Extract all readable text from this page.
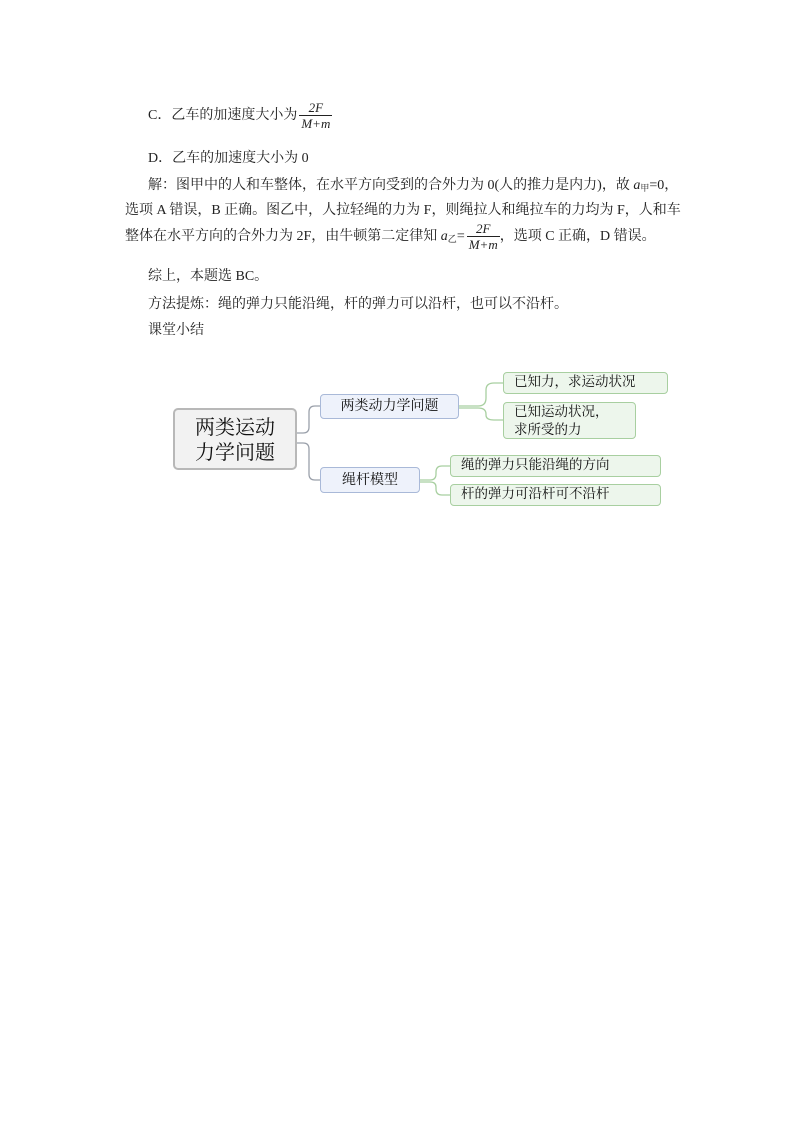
C．乙车的加速度大小为 $\frac{2F}{M+m}$
D．乙车的加速度大小为 0
解：图甲中的人和车整体，在水平方向受到的合外力为 0(人的推力是内力)，故 $a_甲=0$，
选项 A 错误，B 正确。图乙中，人拉轻绳的力为 F，则绳拉人和绳拉车的力均为 F，人和车
整体在水平方向的合外力为 2F，由牛顿第二定律知 $a_乙= \frac{2F}{M+m}$ ，选项 C 正确，D 错误。
综上，本题选 BC。
方法提炼：绳的弹力只能沿绳，杆的弹力可以沿杆，也可以不沿杆。
课堂小结
两类运动
力学问题
两类动力学问题
绳杆模型
已知力，求运动状况
已知运动状况，
求所受的力
绳的弹力只能沿绳的方向
杆的弹力可沿杆可不沿杆
